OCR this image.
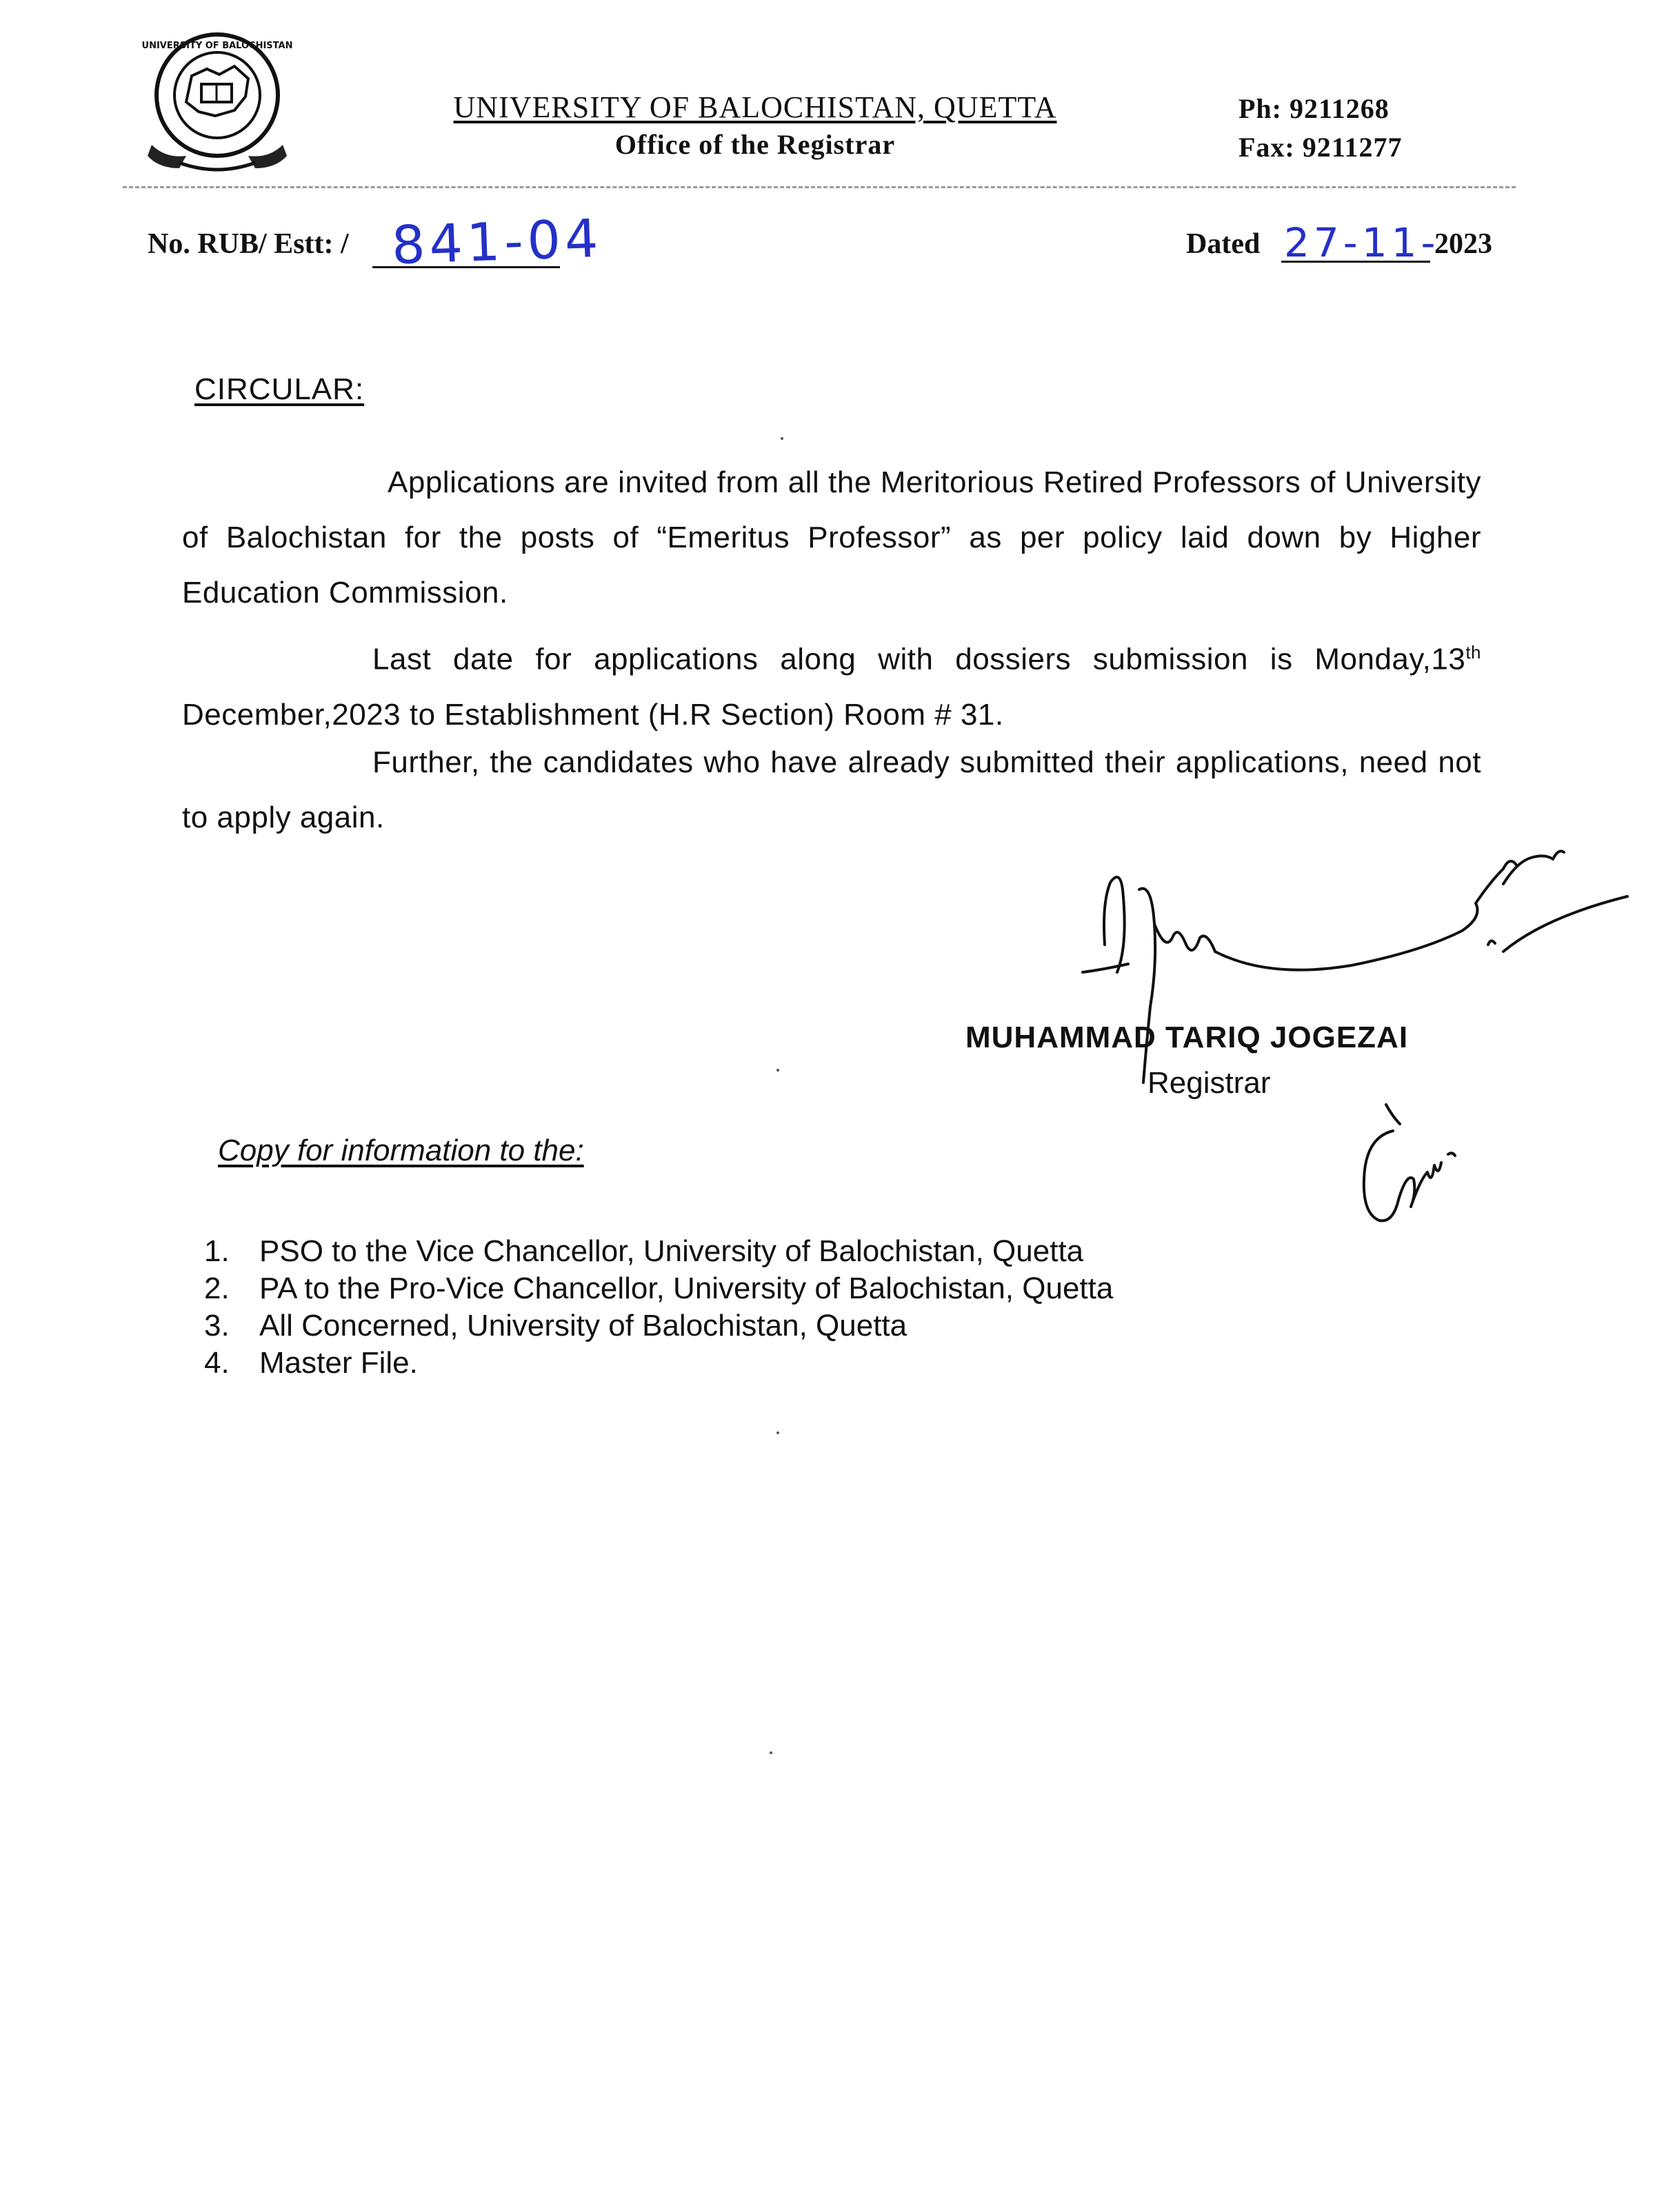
UNIVERSITY OF BALOCHISTAN
UNIVERSITY OF BALOCHISTAN, QUETTA
Office of the Registrar
Ph: 9211268
Fax: 9211277
No. RUB/ Estt: / 841-04	Dated 27-11-
2023
CIRCULAR:

Applications are invited from all the Meritorious Retired Professors of University of Balochistan for the posts of “Emeritus Professor” as per policy laid down by Higher Education Commission.

Last date for applications along with dossiers submission is Monday,13th December,2023 to Establishment (H.R Section) Room # 31.

Further, the candidates who have already submitted their applications, need not to apply again.

MUHAMMAD TARIQ JOGEZAI
Registrar
Copy for information to the:
1. PSO to the Vice Chancellor, University of Balochistan, Quetta
2. PA to the Pro-Vice Chancellor, University of Balochistan, Quetta
3. All Concerned, University of Balochistan, Quetta
4. Master File.
